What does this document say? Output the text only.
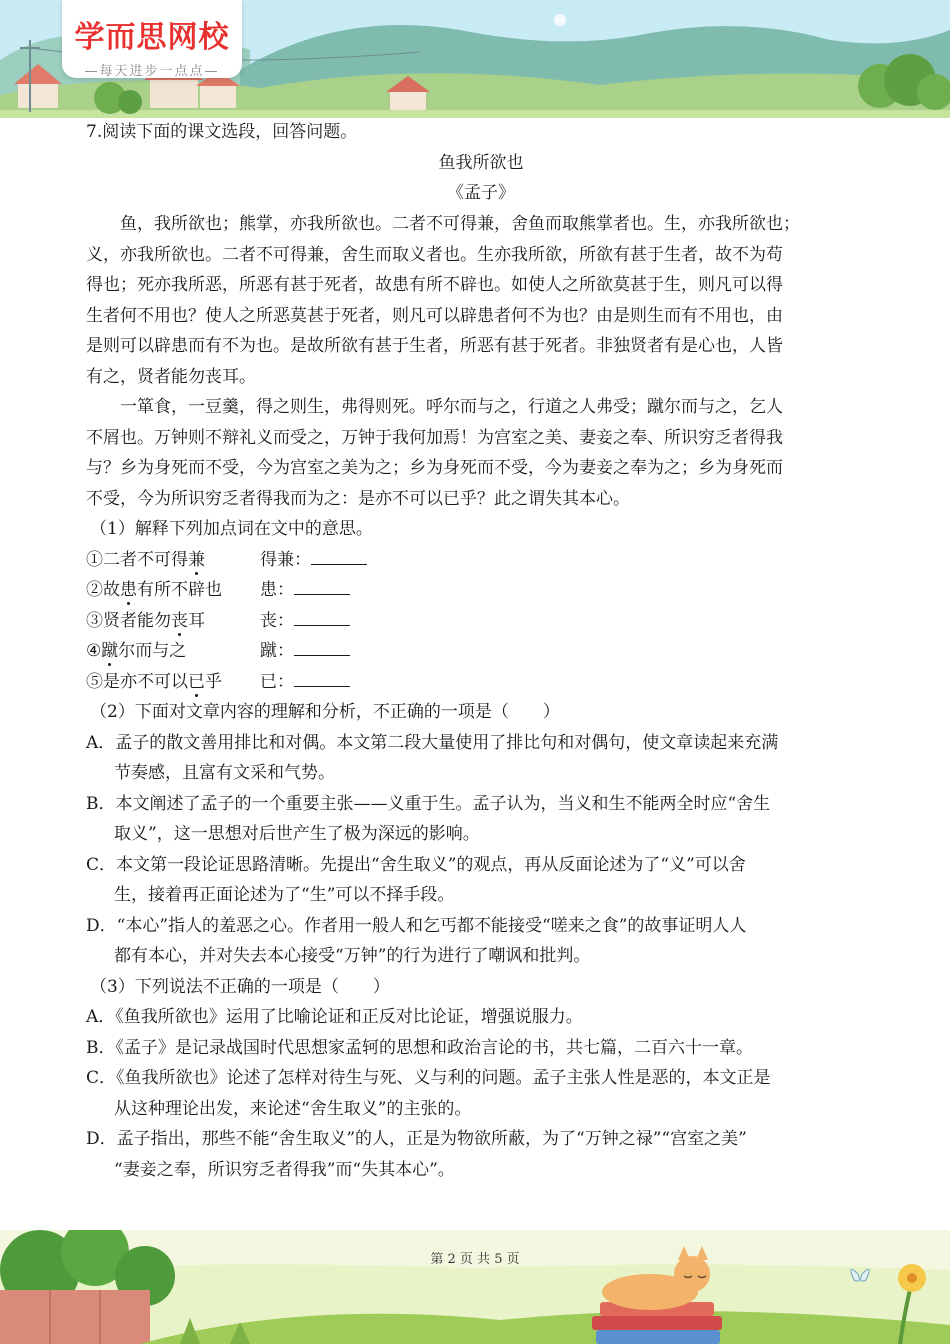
学而思网校
—每天进步一点点—
7.阅读下面的课文选段，回答问题。
鱼我所欲也
《孟子》
鱼，我所欲也；熊掌，亦我所欲也。二者不可得兼，舍鱼而取熊掌者也。生，亦我所欲也；
义，亦我所欲也。二者不可得兼，舍生而取义者也。生亦我所欲，所欲有甚于生者，故不为苟
得也；死亦我所恶，所恶有甚于死者，故患有所不辟也。如使人之所欲莫甚于生，则凡可以得
生者何不用也？使人之所恶莫甚于死者，则凡可以辟患者何不为也？由是则生而有不用也，由
是则可以辟患而有不为也。是故所欲有甚于生者，所恶有甚于死者。非独贤者有是心也，人皆
有之，贤者能勿丧耳。
一箪食，一豆羹，得之则生，弗得则死。呼尔而与之，行道之人弗受；蹴尔而与之，乞人
不屑也。万钟则不辩礼义而受之，万钟于我何加焉！为宫室之美、妻妾之奉、所识穷乏者得我
与？乡为身死而不受，今为宫室之美为之；乡为身死而不受，今为妻妾之奉为之；乡为身死而
不受，今为所识穷乏者得我而为之：是亦不可以已乎？此之谓失其本心。
（1）解释下列加点词在文中的意思。
①二者不可得兼	得兼：
②故患有所不辟也 患：
③贤者能勿丧耳	丧：
④蹴尔而与之	蹴：
⑤是亦不可以已乎 已：
（2）下面对文章内容的理解和分析，不正确的一项是（　　）
A．孟子的散文善用排比和对偶。本文第二段大量使用了排比句和对偶句，使文章读起来充满
节奏感，且富有文采和气势。
B．本文阐述了孟子的一个重要主张——义重于生。孟子认为，当义和生不能两全时应“舍生
取义”，这一思想对后世产生了极为深远的影响。
C．本文第一段论证思路清晰。先提出“舍生取义”的观点，再从反面论述为了“义”可以舍
生，接着再正面论述为了“生”可以不择手段。
D．“本心”指人的羞恶之心。作者用一般人和乞丐都不能接受“嗟来之食”的故事证明人人
都有本心，并对失去本心接受“万钟”的行为进行了嘲讽和批判。
（3）下列说法不正确的一项是（　　）
A．《鱼我所欲也》运用了比喻论证和正反对比论证，增强说服力。
B．《孟子》是记录战国时代思想家孟轲的思想和政治言论的书，共七篇，二百六十一章。
C．《鱼我所欲也》论述了怎样对待生与死、义与利的问题。孟子主张人性是恶的，本文正是
从这种理论出发，来论述“舍生取义”的主张的。
D．孟子指出，那些不能“舍生取义”的人，正是为物欲所蔽，为了“万钟之禄”“宫室之美”
“妻妾之奉，所识穷乏者得我”而“失其本心”。
第 2 页 共 5 页
